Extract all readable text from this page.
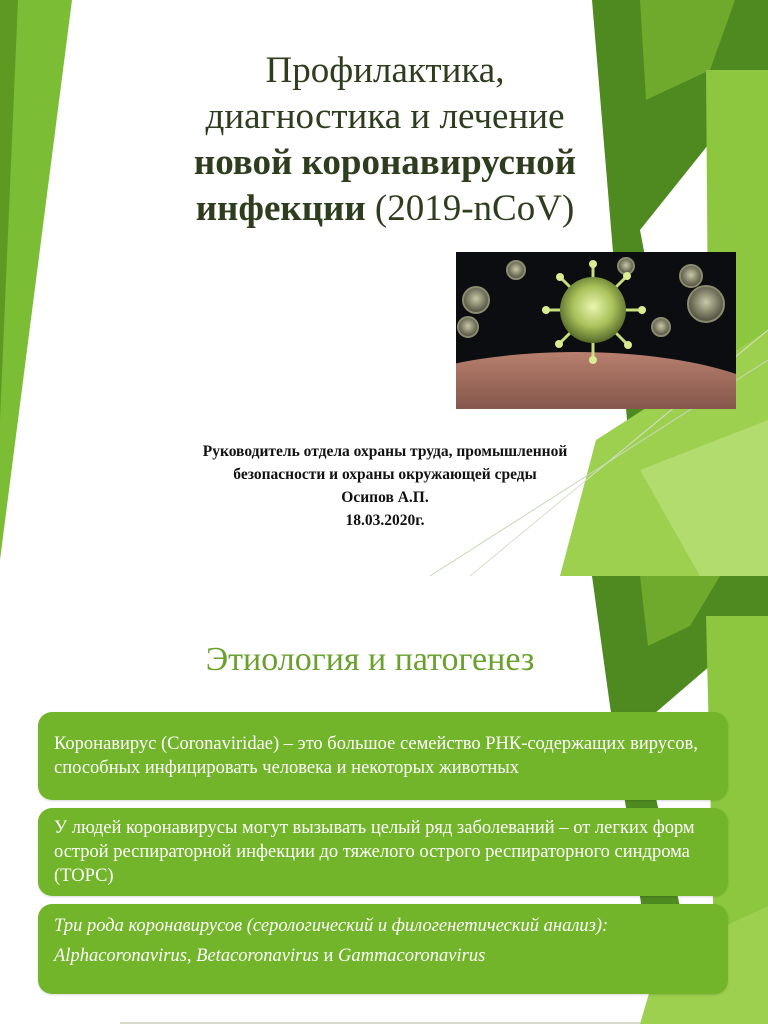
Профилактика,
диагностика и лечение
новой коронавирусной
инфекции (2019-nCoV)
Руководитель отдела охраны труда, промышленной
безопасности и охраны окружающей среды
Осипов А.П.
18.03.2020г.
Этиология и патогенез
Коронавирус (Coronaviridae) – это большое семейство РНК-содержащих вирусов, способных инфицировать человека и некоторых животных
У людей коронавирусы могут вызывать целый ряд заболеваний – от легких форм острой респираторной инфекции до тяжелого острого респираторного синдрома (ТОРС)
Три рода коронавирусов (серологический и филогенетический анализ):
Alphacoronavirus, Betacoronavirus и Gammacoronavirus
